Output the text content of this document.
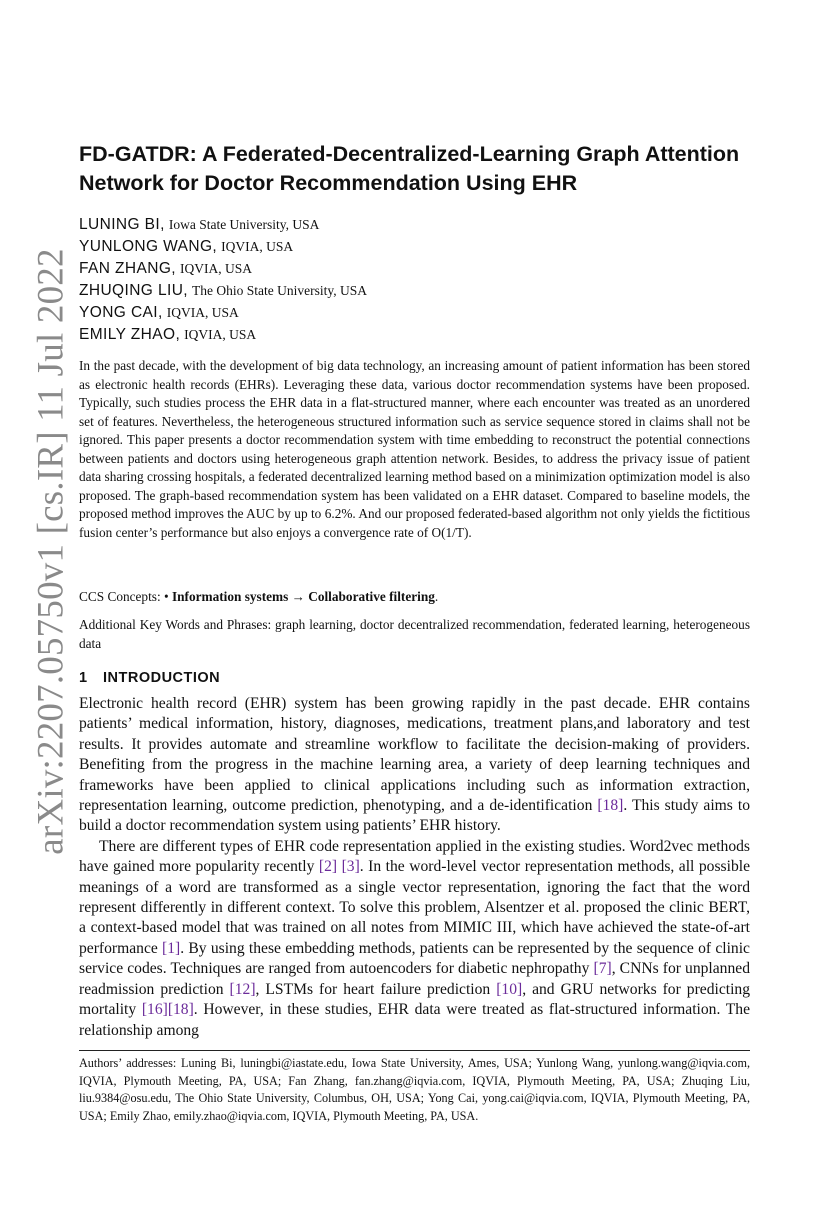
arXiv:2207.05750v1 [cs.IR] 11 Jul 2022
FD-GATDR: A Federated-Decentralized-Learning Graph Attention Network for Doctor Recommendation Using EHR
LUNING BI, Iowa State University, USA
YUNLONG WANG, IQVIA, USA
FAN ZHANG, IQVIA, USA
ZHUQING LIU, The Ohio State University, USA
YONG CAI, IQVIA, USA
EMILY ZHAO, IQVIA, USA

In the past decade, with the development of big data technology, an increasing amount of patient information has been stored as electronic health records (EHRs). Leveraging these data, various doctor recommendation systems have been proposed. Typically, such studies process the EHR data in a flat-structured manner, where each encounter was treated as an unordered set of features. Nevertheless, the heterogeneous structured information such as service sequence stored in claims shall not be ignored. This paper presents a doctor recommendation system with time embedding to reconstruct the potential connections between patients and doctors using heterogeneous graph attention network. Besides, to address the privacy issue of patient data sharing crossing hospitals, a federated decentralized learning method based on a minimization optimization model is also proposed. The graph-based recommendation system has been validated on a EHR dataset. Compared to baseline models, the proposed method improves the AUC by up to 6.2%. And our proposed federated-based algorithm not only yields the fictitious fusion center’s performance but also enjoys a convergence rate of O(1/T).

CCS Concepts: • Information systems → Collaborative filtering.

Additional Key Words and Phrases: graph learning, doctor decentralized recommendation, federated learning, heterogeneous data

1 INTRODUCTION

Electronic health record (EHR) system has been growing rapidly in the past decade. EHR contains patients’ medical information, history, diagnoses, medications, treatment plans,and laboratory and test results. It provides automate and streamline workflow to facilitate the decision-making of providers. Benefiting from the progress in the machine learning area, a variety of deep learning techniques and frameworks have been applied to clinical applications including such as information extraction, representation learning, outcome prediction, phenotyping, and a de-identification [18]. This study aims to build a doctor recommendation system using patients’ EHR history.

There are different types of EHR code representation applied in the existing studies. Word2vec methods have gained more popularity recently [2] [3]. In the word-level vector representation methods, all possible meanings of a word are transformed as a single vector representation, ignoring the fact that the word represent differently in different context. To solve this problem, Alsentzer et al. proposed the clinic BERT, a context-based model that was trained on all notes from MIMIC III, which have achieved the state-of-art performance [1]. By using these embedding methods, patients can be represented by the sequence of clinic service codes. Techniques are ranged from autoencoders for diabetic nephropathy [7], CNNs for unplanned readmission prediction [12], LSTMs for heart failure prediction [10], and GRU networks for predicting mortality [16][18]. However, in these studies, EHR data were treated as flat-structured information. The relationship among

Authors’ addresses: Luning Bi, luningbi@iastate.edu, Iowa State University, Ames, USA; Yunlong Wang, yunlong.wang@iqvia.com, IQVIA, Plymouth Meeting, PA, USA; Fan Zhang, fan.zhang@iqvia.com, IQVIA, Plymouth Meeting, PA, USA; Zhuqing Liu, liu.9384@osu.edu, The Ohio State University, Columbus, OH, USA; Yong Cai, yong.cai@iqvia.com, IQVIA, Plymouth Meeting, PA, USA; Emily Zhao, emily.zhao@iqvia.com, IQVIA, Plymouth Meeting, PA, USA.
